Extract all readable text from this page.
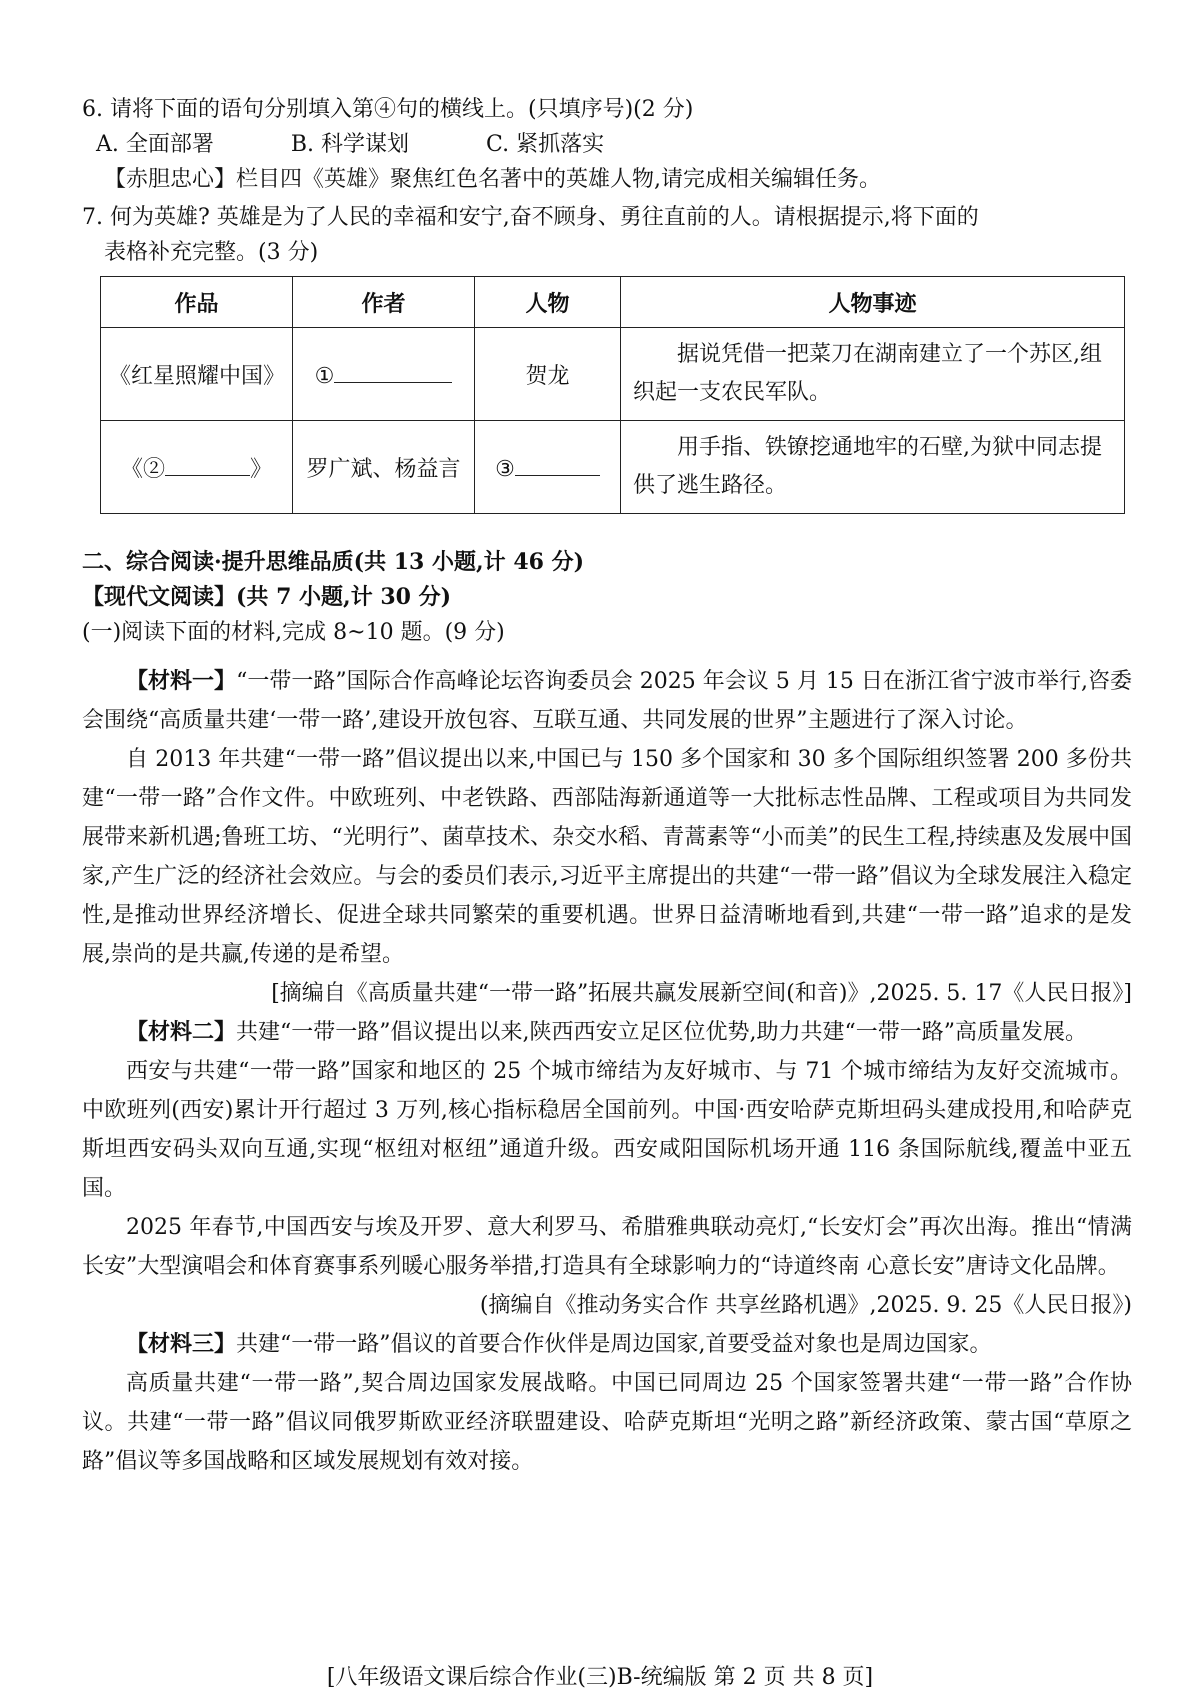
6. 请将下面的语句分别填入第④句的横线上。(只填序号)(2 分)
A. 全面部署	B. 科学谋划	C. 紧抓落实
【赤胆忠心】栏目四《英雄》聚焦红色名著中的英雄人物,请完成相关编辑任务。
7. 何为英雄? 英雄是为了人民的幸福和安宁,奋不顾身、勇往直前的人。请根据提示,将下面的
表格补充完整。(3 分)
作品	作者	人物	人物事迹
《红星照耀中国》	①	贺龙	据说凭借一把菜刀在湖南建立了一个苏区,组织起一支农民军队。
《② 》	罗广斌、杨益言	③	用手指、铁镣挖通地牢的石壁,为狱中同志提供了逃生路径。
二、综合阅读·提升思维品质(共 13 小题,计 46 分)
【现代文阅读】(共 7 小题,计 30 分)
(一)阅读下面的材料,完成 8~10 题。(9 分)

【材料一】“一带一路”国际合作高峰论坛咨询委员会 2025 年会议 5 月 15 日在浙江省宁波市举行,咨委会围绕“高质量共建‘一带一路’,建设开放包容、互联互通、共同发展的世界”主题进行了深入讨论。

自 2013 年共建“一带一路”倡议提出以来,中国已与 150 多个国家和 30 多个国际组织签署 200 多份共建“一带一路”合作文件。中欧班列、中老铁路、西部陆海新通道等一大批标志性品牌、工程或项目为共同发展带来新机遇;鲁班工坊、“光明行”、菌草技术、杂交水稻、青蒿素等“小而美”的民生工程,持续惠及发展中国家,产生广泛的经济社会效应。与会的委员们表示,习近平主席提出的共建“一带一路”倡议为全球发展注入稳定性,是推动世界经济增长、促进全球共同繁荣的重要机遇。世界日益清晰地看到,共建“一带一路”追求的是发展,崇尚的是共赢,传递的是希望。

[摘编自《高质量共建“一带一路”拓展共赢发展新空间(和音)》,2025. 5. 17《人民日报》]

【材料二】共建“一带一路”倡议提出以来,陕西西安立足区位优势,助力共建“一带一路”高质量发展。

西安与共建“一带一路”国家和地区的 25 个城市缔结为友好城市、与 71 个城市缔结为友好交流城市。中欧班列(西安)累计开行超过 3 万列,核心指标稳居全国前列。中国·西安哈萨克斯坦码头建成投用,和哈萨克斯坦西安码头双向互通,实现“枢纽对枢纽”通道升级。西安咸阳国际机场开通 116 条国际航线,覆盖中亚五国。

2025 年春节,中国西安与埃及开罗、意大利罗马、希腊雅典联动亮灯,“长安灯会”再次出海。推出“情满长安”大型演唱会和体育赛事系列暖心服务举措,打造具有全球影响力的“诗道终南 心意长安”唐诗文化品牌。

(摘编自《推动务实合作 共享丝路机遇》,2025. 9. 25《人民日报》)

【材料三】共建“一带一路”倡议的首要合作伙伴是周边国家,首要受益对象也是周边国家。

高质量共建“一带一路”,契合周边国家发展战略。中国已同周边 25 个国家签署共建“一带一路”合作协议。共建“一带一路”倡议同俄罗斯欧亚经济联盟建设、哈萨克斯坦“光明之路”新经济政策、蒙古国“草原之路”倡议等多国战略和区域发展规划有效对接。

[八年级语文课后综合作业(三)B-统编版 第 2 页 共 8 页]
